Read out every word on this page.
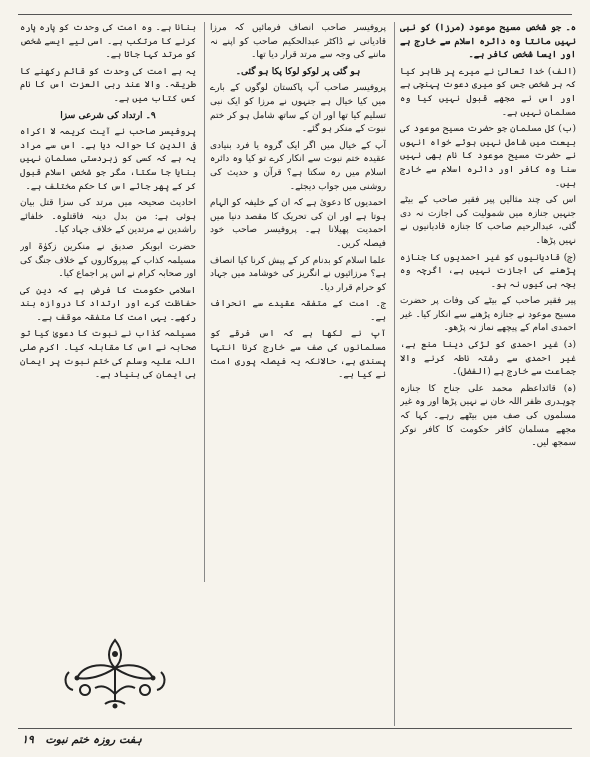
ہ۔ جو شخص مسیح موعود (مرزا) کو نبی نہیں مانتا وہ دائرہ اسلام سے خارج ہے اور ایسا شخص کافر ہے۔

(الف) خدا تعالیٰ نے میرے پر ظاہر کیا کہ ہر شخص جس کو میری دعوت پہنچی ہے اور اس نے مجھے قبول نہیں کیا وہ مسلمان نہیں ہے۔

(ب) کل مسلمان جو حضرت مسیح موعود کی بیعت میں شامل نہیں ہوئے خواہ انہوں نے حضرت مسیح موعود کا نام بھی نہیں سنا وہ کافر اور دائرہ اسلام سے خارج ہیں۔

اس کی چند مثالیں پیر فقیر صاحب کے بیٹے جنہیں جنازہ میں شمولیت کی اجازت نہ دی گئی، عبدالرحیم صاحب کا جنازہ قادیانیوں نے نہیں پڑھا۔

(ج) قادیانیوں کو غیر احمدیوں کا جنازہ پڑھنے کی اجازت نہیں ہے، اگرچہ وہ بچہ ہی کیوں نہ ہو۔

پیر فقیر صاحب کے بیٹے کی وفات پر حضرت مسیح موعود نے جنازہ پڑھنے سے انکار کیا۔ غیر احمدی امام کے پیچھے نماز نہ پڑھو۔

(د) غیر احمدی کو لڑکی دینا منع ہے، غیر احمدی سے رشتہ ناطہ کرنے والا جماعت سے خارج ہے (الفضل)۔

(ہ) قائداعظم محمد علی جناح کا جنازہ چوہدری ظفر اللہ خان نے نہیں پڑھا اور وہ غیر مسلموں کی صف میں بیٹھے رہے۔ کہا کہ مجھے مسلمان کافر حکومت کا کافر نوکر سمجھ لیں۔

پروفیسر صاحب انصاف فرمائیں کہ مرزا قادیانی نے ڈاکٹر عبدالحکیم صاحب کو اپنے نہ ماننے کی وجہ سے مرتد قرار دیا تھا۔

ہو گئی پر لوکو لوکا پکا ہو گئی۔

پروفیسر صاحب آپ پاکستان لوگوں کے بارے میں کیا خیال ہے جنہوں نے مرزا کو ایک نبی تسلیم کیا تھا اور ان کے ساتھ شامل ہو کر ختم نبوت کے منکر ہو گئے۔

آپ کے خیال میں اگر ایک گروہ یا فرد بنیادی عقیدہ ختم نبوت سے انکار کرے تو کیا وہ دائرہ اسلام میں رہ سکتا ہے؟ قرآن و حدیث کی روشنی میں جواب دیجئے۔

احمدیوں کا دعویٰ ہے کہ ان کے خلیفہ کو الہام ہوتا ہے اور ان کی تحریک کا مقصد دنیا میں احمدیت پھیلانا ہے۔ پروفیسر صاحب خود فیصلہ کریں۔

علما اسلام کو بدنام کر کے پیش کرنا کیا انصاف ہے؟ مرزائیوں نے انگریز کی خوشامد میں جہاد کو حرام قرار دیا۔

ج۔ امت کے متفقہ عقیدے سے انحراف ہے۔

آپ نے لکھا ہے کہ اس فرقے کو مسلمانوں کی صف سے خارج کرنا انتہا پسندی ہے، حالانکہ یہ فیصلہ پوری امت نے کیا ہے۔

بنانا ہے۔ وہ امت کی وحدت کو پارہ پارہ کرنے کا مرتکب ہے۔ اسی لیے ایسے شخص کو مرتد کہا جاتا ہے۔

یہ ہے امت کی وحدت کو قائم رکھنے کا طریقہ۔ والا عند ربی العزت اس کا نام کس کتاب میں ہے۔

۹۔ ارتداد کی شرعی سزا

پروفیسر صاحب نے آیت کریمہ لا اکراہ فی الدین کا حوالہ دیا ہے۔ اس سے مراد یہ ہے کہ کسی کو زبردستی مسلمان نہیں بنایا جا سکتا، مگر جو شخص اسلام قبول کر کے پھر جائے اس کا حکم مختلف ہے۔

احادیث صحیحہ میں مرتد کی سزا قتل بیان ہوئی ہے: من بدل دینہ فاقتلوہ۔ خلفائے راشدین نے مرتدین کے خلاف جہاد کیا۔

حضرت ابوبکر صدیق نے منکرین زکوٰۃ اور مسیلمہ کذاب کے پیروکاروں کے خلاف جنگ کی اور صحابہ کرام نے اس پر اجماع کیا۔

اسلامی حکومت کا فرض ہے کہ دین کی حفاظت کرے اور ارتداد کا دروازہ بند رکھے۔ یہی امت کا متفقہ موقف ہے۔

مسیلمہ کذاب نے نبوت کا دعویٰ کیا تو صحابہ نے اس کا مقابلہ کیا۔ اکرم صلی اللہ علیہ وسلم کی ختم نبوت پر ایمان ہی ایمان کی بنیاد ہے۔

ہفت روزہ ختم نبوت   ۱۹
